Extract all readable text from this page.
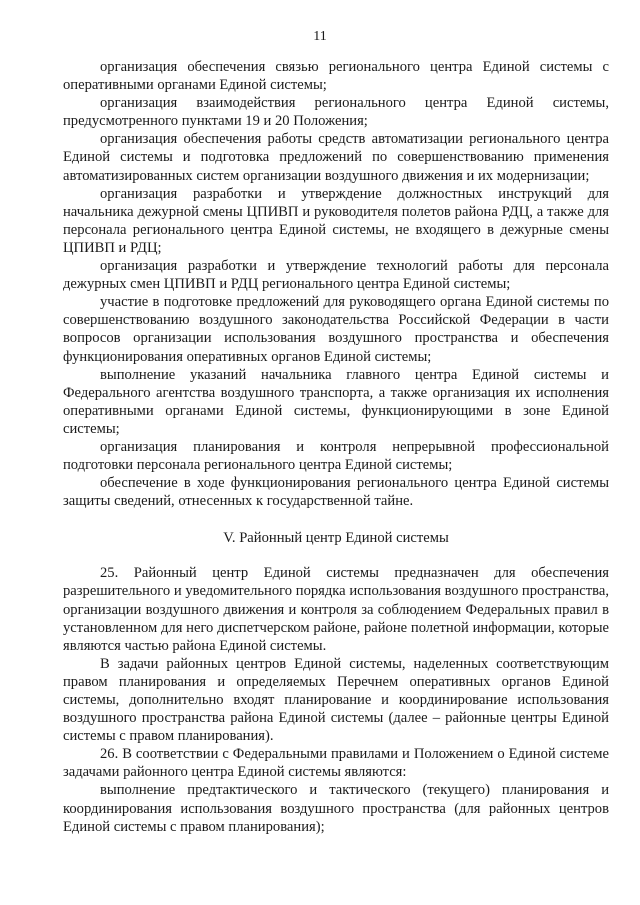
11

организация обеспечения связью регионального центра Единой системы с оперативными органами Единой системы;

организация взаимодействия регионального центра Единой системы, предусмотренного пунктами 19 и 20 Положения;

организация обеспечения работы средств автоматизации регионального центра Единой системы и подготовка предложений по совершенствованию применения автоматизированных систем организации воздушного движения и их модернизации;

организация разработки и утверждение должностных инструкций для начальника дежурной смены ЦПИВП и руководителя полетов района РДЦ, а также для персонала регионального центра Единой системы, не входящего в дежурные смены ЦПИВП и РДЦ;

организация разработки и утверждение технологий работы для персонала дежурных смен ЦПИВП и РДЦ регионального центра Единой системы;

участие в подготовке предложений для руководящего органа Единой системы по совершенствованию воздушного законодательства Российской Федерации в части вопросов организации использования воздушного пространства и обеспечения функционирования оперативных органов Единой системы;

выполнение указаний начальника главного центра Единой системы и Федерального агентства воздушного транспорта, а также организация их исполнения оперативными органами Единой системы, функционирующими в зоне Единой системы;

организация планирования и контроля непрерывной профессиональной подготовки персонала регионального центра Единой системы;

обеспечение в ходе функционирования регионального центра Единой системы защиты сведений, отнесенных к государственной тайне.

V. Районный центр Единой системы

25. Районный центр Единой системы предназначен для обеспечения разрешительного и уведомительного порядка использования воздушного пространства, организации воздушного движения и контроля за соблюдением Федеральных правил в установленном для него диспетчерском районе, районе полетной информации, которые являются частью района Единой системы.

В задачи районных центров Единой системы, наделенных соответствующим правом планирования и определяемых Перечнем оперативных органов Единой системы, дополнительно входят планирование и координирование использования воздушного пространства района Единой системы (далее – районные центры Единой системы с правом планирования).

26. В соответствии с Федеральными правилами и Положением о Единой системе задачами районного центра Единой системы являются:

выполнение предтактического и тактического (текущего) планирования и координирования использования воздушного пространства (для районных центров Единой системы с правом планирования);
